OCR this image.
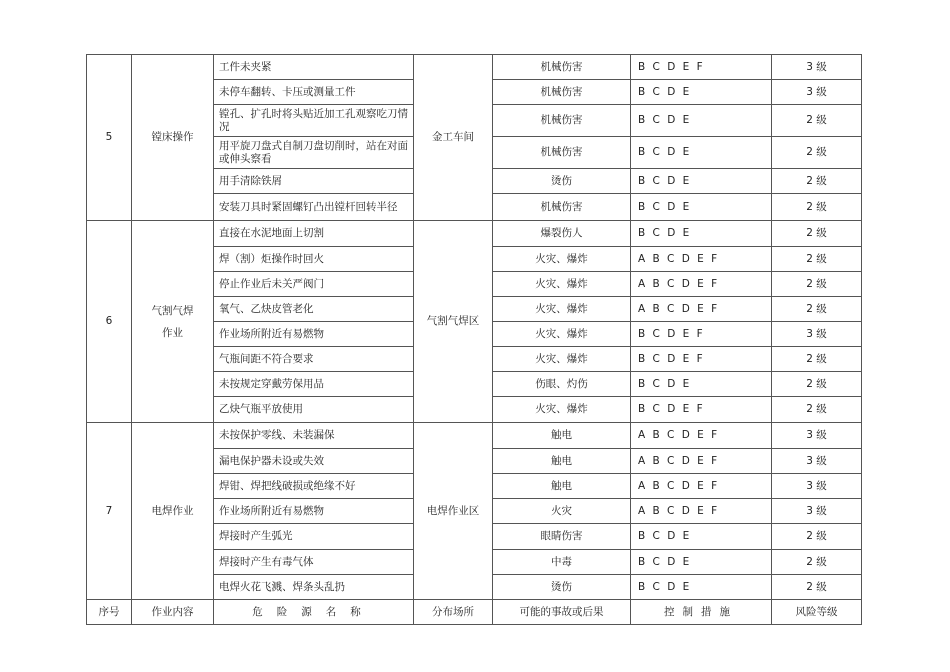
5	镗床操作	工件未夹紧	金工车间	机械伤害	B C D E F	3 级
		未停车翻转、卡压或测量工件		机械伤害	B C D E	3 级
		镗孔、扩孔时将头贴近加工孔观察吃刀情况		机械伤害	B C D E	2 级
		用平旋刀盘式自制刀盘切削时，站在对面或伸头察看		机械伤害	B C D E	2 级
		用手清除铁屑		烫伤	B C D E	2 级
		安装刀具时紧固螺钉凸出镗杆回转半径		机械伤害	B C D E	2 级
6	气割气焊作业	直接在水泥地面上切割	气割气焊区	爆裂伤人	B C D E	2 级
		焊（割）炬操作时回火		火灾、爆炸	A B C D E F	2 级
		停止作业后未关严阀门		火灾、爆炸	A B C D E F	2 级
		氧气、乙炔皮管老化		火灾、爆炸	A B C D E F	2 级
		作业场所附近有易燃物		火灾、爆炸	B C D E F	3 级
		气瓶间距不符合要求		火灾、爆炸	B C D E F	2 级
		未按规定穿戴劳保用品		伤眼、灼伤	B C D E	2 级
		乙炔气瓶平放使用		火灾、爆炸	B C D E F	2 级
7	电焊作业	未按保护零线、未装漏保	电焊作业区	触电	A B C D E F	3 级
		漏电保护器未设或失效		触电	A B C D E F	3 级
		焊钳、焊把线破损或绝缘不好		触电	A B C D E F	3 级
		作业场所附近有易燃物		火灾	A B C D E F	3 级
		焊接时产生弧光		眼睛伤害	B C D E	2 级
		焊接时产生有毒气体		中毒	B C D E	2 级
		电焊火花飞溅、焊条头乱扔		烫伤	B C D E	2 级
序号	作业内容	危险源名称	分布场所	可能的事故或后果	控制措施	风险等级
